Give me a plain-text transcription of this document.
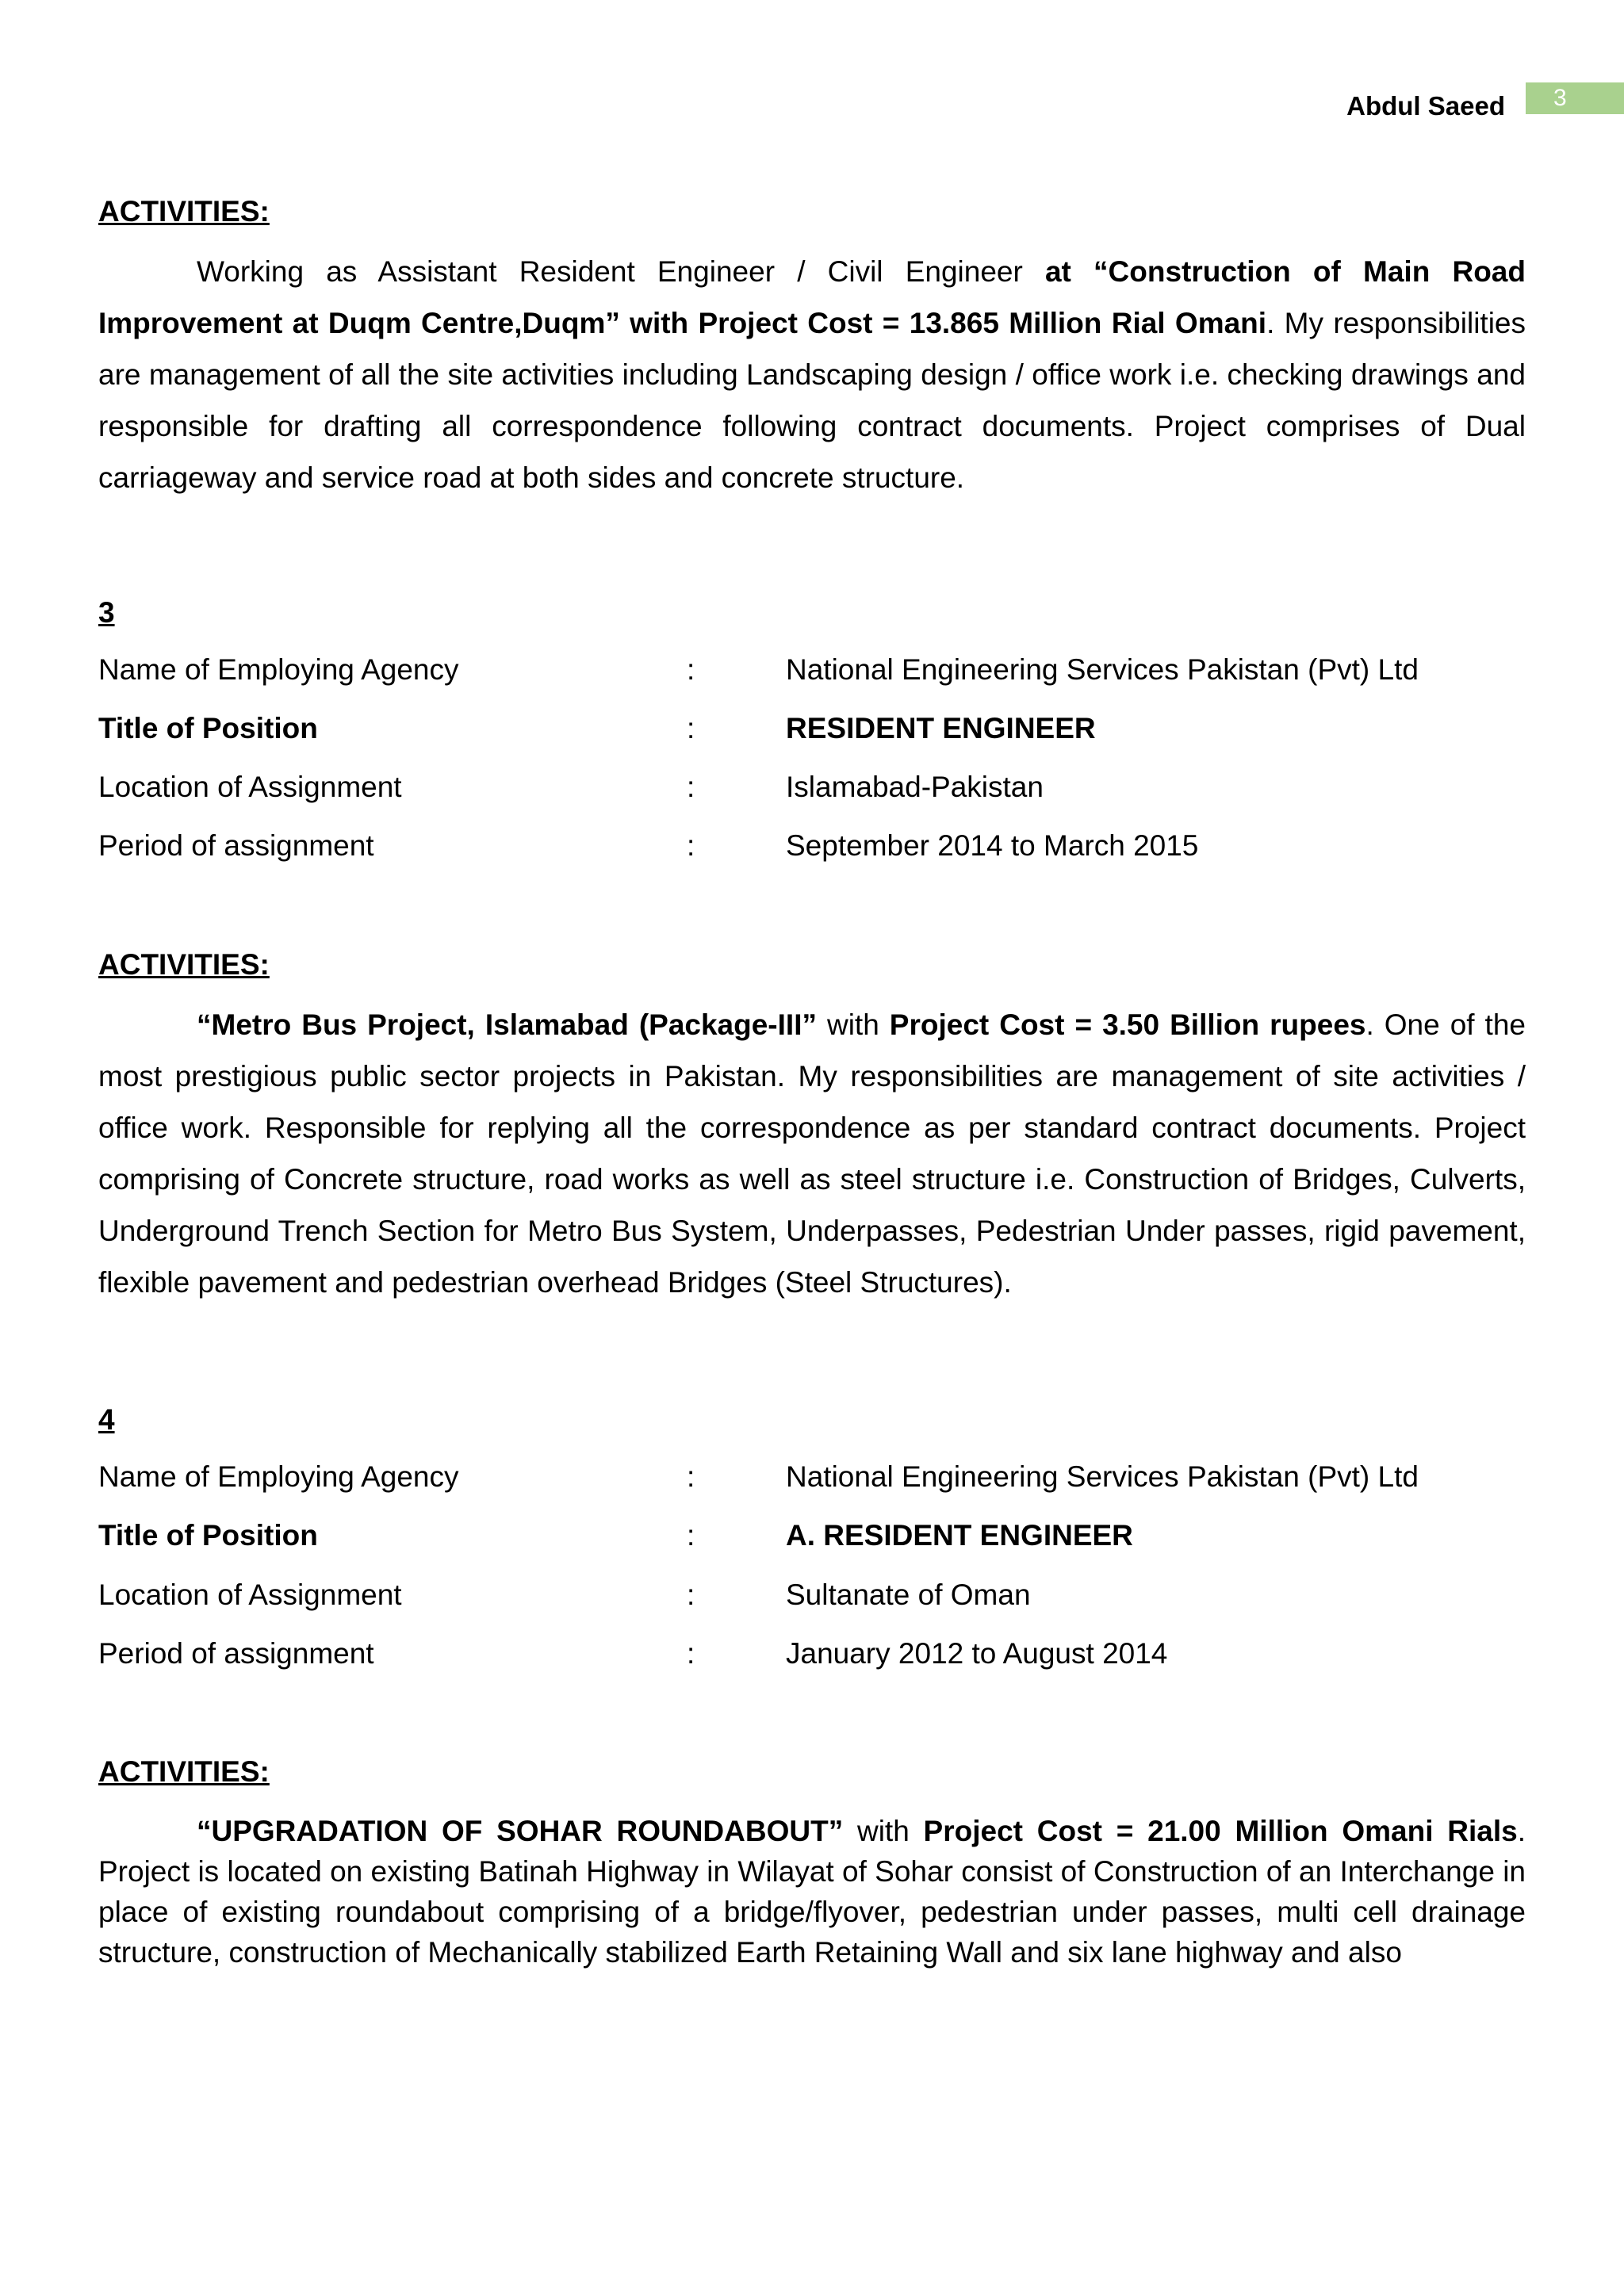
Abdul Saeed	3
ACTIVITIES:
Working as Assistant Resident Engineer / Civil Engineer at “Construction of Main Road Improvement at Duqm Centre,Duqm” with Project Cost = 13.865 Million Rial Omani. My responsibilities are management of all the site activities including Landscaping design / office work i.e. checking drawings and responsible for drafting all correspondence following contract documents. Project comprises of Dual carriageway and service road at both sides and concrete structure.
3
Name of Employing Agency	:	National Engineering Services Pakistan (Pvt) Ltd
Title of Position	:	RESIDENT ENGINEER
Location of Assignment	:	Islamabad-Pakistan
Period of assignment	:	September 2014 to March 2015
ACTIVITIES:
“Metro Bus Project, Islamabad (Package-III” with Project Cost = 3.50 Billion rupees. One of the most prestigious public sector projects in Pakistan. My responsibilities are management of site activities / office work. Responsible for replying all the correspondence as per standard contract documents. Project comprising of Concrete structure, road works as well as steel structure i.e. Construction of Bridges, Culverts, Underground Trench Section for Metro Bus System, Underpasses, Pedestrian Under passes, rigid pavement, flexible pavement and pedestrian overhead Bridges (Steel Structures).
4
Name of Employing Agency	:	National Engineering Services Pakistan (Pvt) Ltd
Title of Position	:	A. RESIDENT ENGINEER
Location of Assignment	:	Sultanate of Oman
Period of assignment	:	January 2012 to August 2014
ACTIVITIES:
“UPGRADATION OF SOHAR ROUNDABOUT” with Project Cost = 21.00 Million Omani Rials. Project is located on existing Batinah Highway in Wilayat of Sohar consist of Construction of an Interchange in place of existing roundabout comprising of a bridge/flyover, pedestrian under passes, multi cell drainage structure, construction of Mechanically stabilized Earth Retaining Wall and six lane highway and also
